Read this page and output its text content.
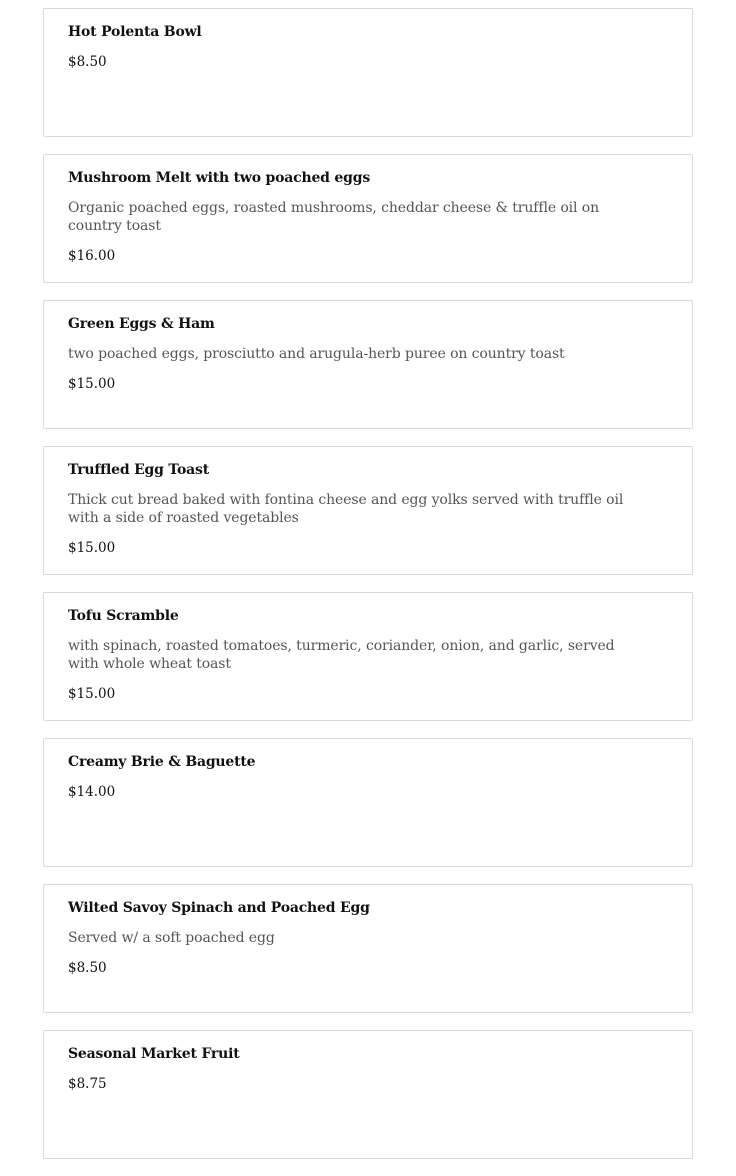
Hot Polenta Bowl
$8.50
Mushroom Melt with two poached eggs
Organic poached eggs, roasted mushrooms, cheddar cheese & truffle oil on country toast
$16.00
Green Eggs & Ham
two poached eggs, prosciutto and arugula-herb puree on country toast
$15.00
Truffled Egg Toast
Thick cut bread baked with fontina cheese and egg yolks served with truffle oil with a side of roasted vegetables
$15.00
Tofu Scramble
with spinach, roasted tomatoes, turmeric, coriander, onion, and garlic, served with whole wheat toast
$15.00
Creamy Brie & Baguette
$14.00
Wilted Savoy Spinach and Poached Egg
Served w/ a soft poached egg
$8.50
Seasonal Market Fruit
$8.75
